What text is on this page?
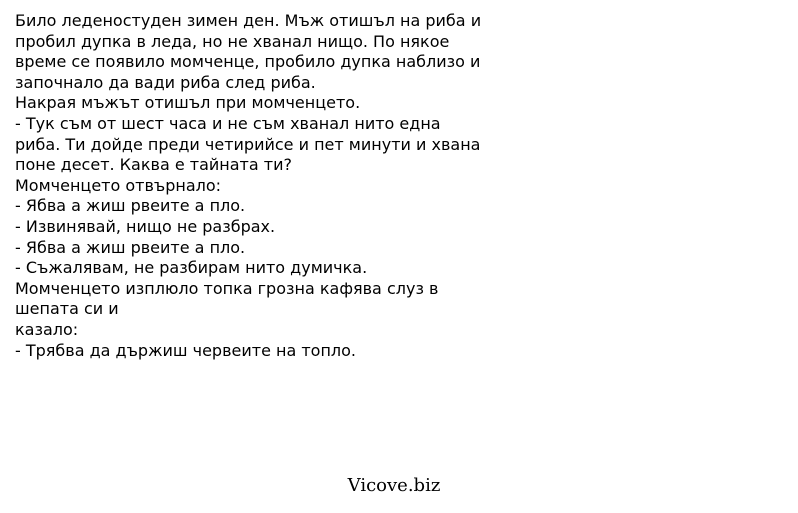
Било леденостуден зимен ден. Мъж отишъл на риба и
пробил дупка в леда, но не хванал нищо. По някое
време се появило момченце, пробило дупка наблизо и
започнало да вади риба след риба.
Накрая мъжът отишъл при момченцето.
- Тук съм от шест часа и не съм хванал нито една
риба. Ти дойде преди четирийсе и пет минути и хвана
поне десет. Каква е тайната ти?
Момченцето отвърнало:
- Ябва а жиш рвеите а пло.
- Извинявай, нищо не разбрах.
- Ябва а жиш рвеите а пло.
- Съжалявам, не разбирам нито думичка.
Момченцето изплюло топка грозна кафява слуз в
шепата си и
казало:
- Трябва да държиш червеите на топло.
Vicove.biz
